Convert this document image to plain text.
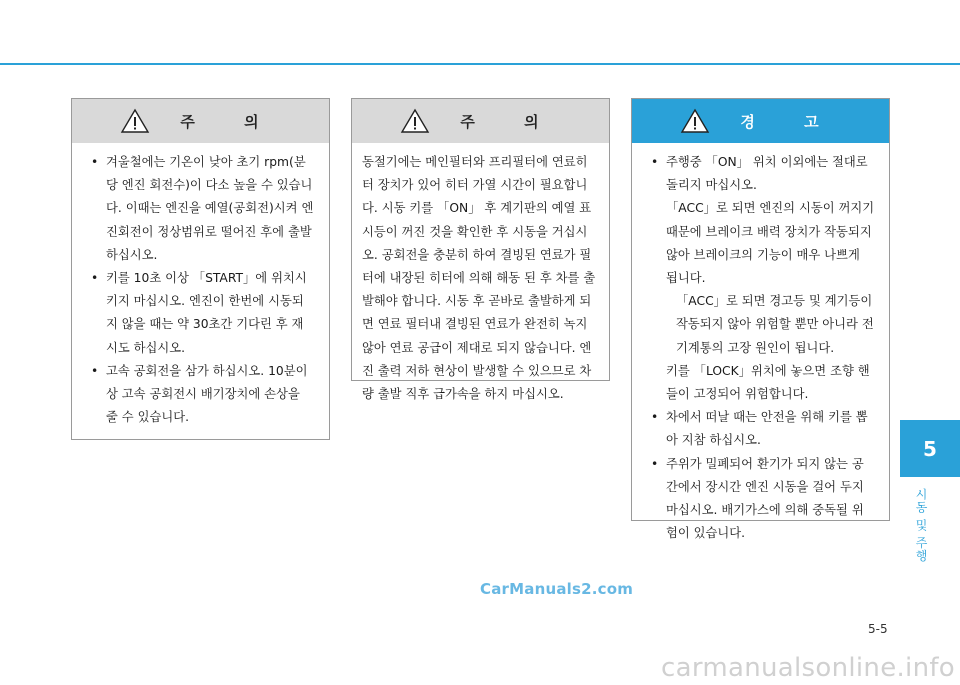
주 의
• 겨울철에는 기온이 낮아 초기 rpm(분당 엔진 회전수)이 다소 높을 수 있습니다. 이때는 엔진을 예열(공회전)시켜 엔진회전이 정상범위로 떨어진 후에 출발 하십시오.
• 키를 10초 이상 「START」에 위치시키지 마십시오. 엔진이 한번에 시동되지 않을 때는 약 30초간 기다린 후 재시도 하십시오.
• 고속 공회전을 삼가 하십시오. 10분이상 고속 공회전시 배기장치에 손상을 줄 수 있습니다.
주 의

동절기에는 메인필터와 프리필터에 연료히터 장치가 있어 히터 가열 시간이 필요합니다. 시동 키를 「ON」 후 계기판의 예열 표시등이 꺼진 것을 확인한 후 시동을 거십시오. 공회전을 충분히 하여 결빙된 연료가 필터에 내장된 히터에 의해 해동 된 후 차를 출발해야 합니다. 시동 후 곧바로 출발하게 되면 연료 필터내 결빙된 연료가 완전히 녹지 않아 연료 공급이 제대로 되지 않습니다. 엔진 출력 저하 현상이 발생할 수 있으므로 차량 출발 직후 급가속을 하지 마십시오.

경 고
• 주행중 「ON」 위치 이외에는 절대로 돌리지 마십시오.

「ACC」로 되면 엔진의 시동이 꺼지기 때문에 브레이크 배력 장치가 작동되지 않아 브레이크의 기능이 매우 나쁘게 됩니다.

「ACC」로 되면 경고등 및 계기등이 작동되지 않아 위험할 뿐만 아니라 전기계통의 고장 원인이 됩니다.

키를 「LOCK」위치에 놓으면 조향 핸들이 고정되어 위험합니다.

• 차에서 떠날 때는 안전을 위해 키를 뽑아 지참 하십시오.
• 주위가 밀폐되어 환기가 되지 않는 공간에서 장시간 엔진 시동을 걸어 두지 마십시오. 배기가스에 의해 중독될 위험이 있습니다.
5
시동 및 주행
CarManuals2.com
5-5
carmanualsonline.info
